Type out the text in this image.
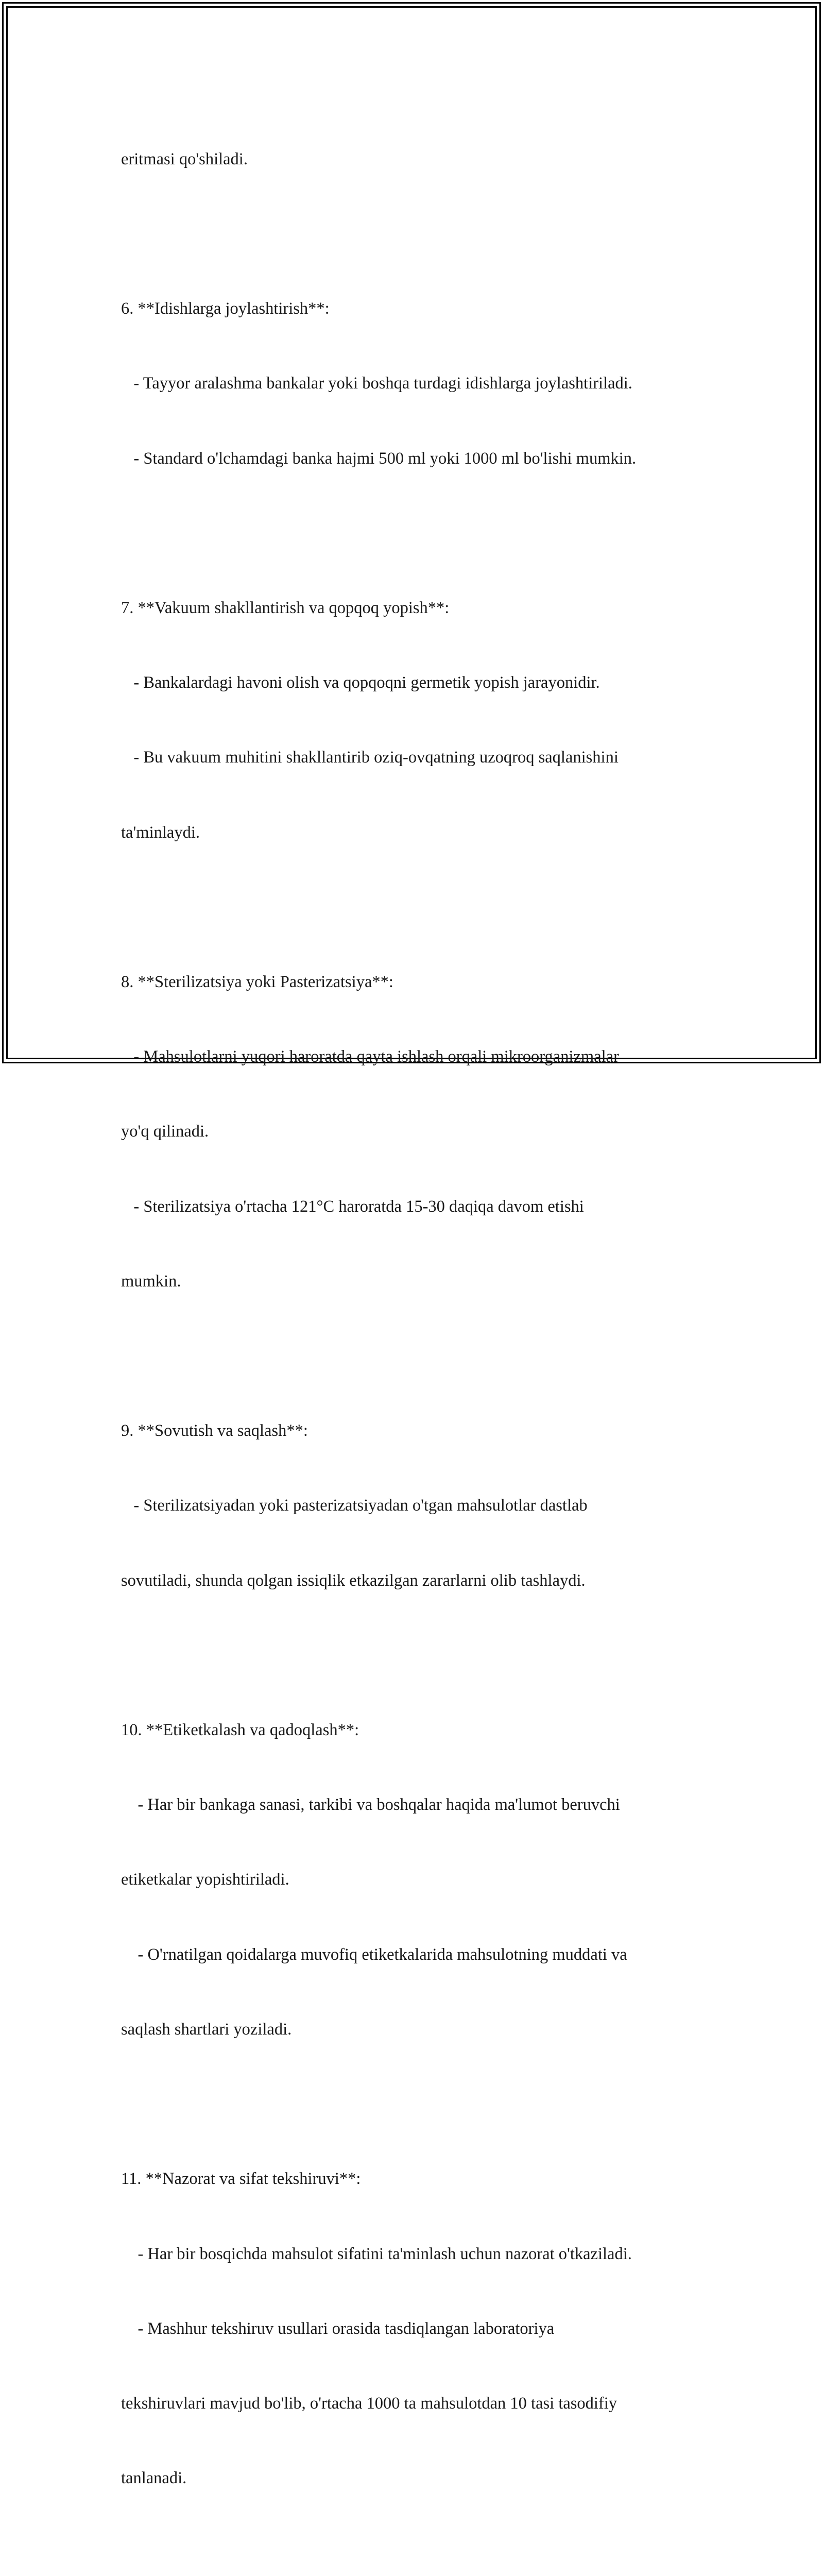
eritmasi qo'shiladi.

6. **Idishlarga joylashtirish**:

- Tayyor aralashma bankalar yoki boshqa turdagi idishlarga joylashtiriladi.

- Standard o'lchamdagi banka hajmi 500 ml yoki 1000 ml bo'lishi mumkin.

7. **Vakuum shakllantirish va qopqoq yopish**:

- Bankalardagi havoni olish va qopqoqni germetik yopish jarayonidir.

- Bu vakuum muhitini shakllantirib oziq-ovqatning uzoqroq saqlanishini

ta'minlaydi.

8. **Sterilizatsiya yoki Pasterizatsiya**:

- Mahsulotlarni yuqori haroratda qayta ishlash orqali mikroorganizmalar

yo'q qilinadi.

- Sterilizatsiya o'rtacha 121°C haroratda 15-30 daqiqa davom etishi

mumkin.

9. **Sovutish va saqlash**:

- Sterilizatsiyadan yoki pasterizatsiyadan o'tgan mahsulotlar dastlab

sovutiladi, shunda qolgan issiqlik etkazilgan zararlarni olib tashlaydi.

10. **Etiketkalash va qadoqlash**:

- Har bir bankaga sanasi, tarkibi va boshqalar haqida ma'lumot beruvchi

etiketkalar yopishtiriladi.

- O'rnatilgan qoidalarga muvofiq etiketkalarida mahsulotning muddati va

saqlash shartlari yoziladi.

11. **Nazorat va sifat tekshiruvi**:

- Har bir bosqichda mahsulot sifatini ta'minlash uchun nazorat o'tkaziladi.

- Mashhur tekshiruv usullari orasida tasdiqlangan laboratoriya

tekshiruvlari mavjud bo'lib, o'rtacha 1000 ta mahsulotdan 10 tasi tasodifiy

tanlanadi.
